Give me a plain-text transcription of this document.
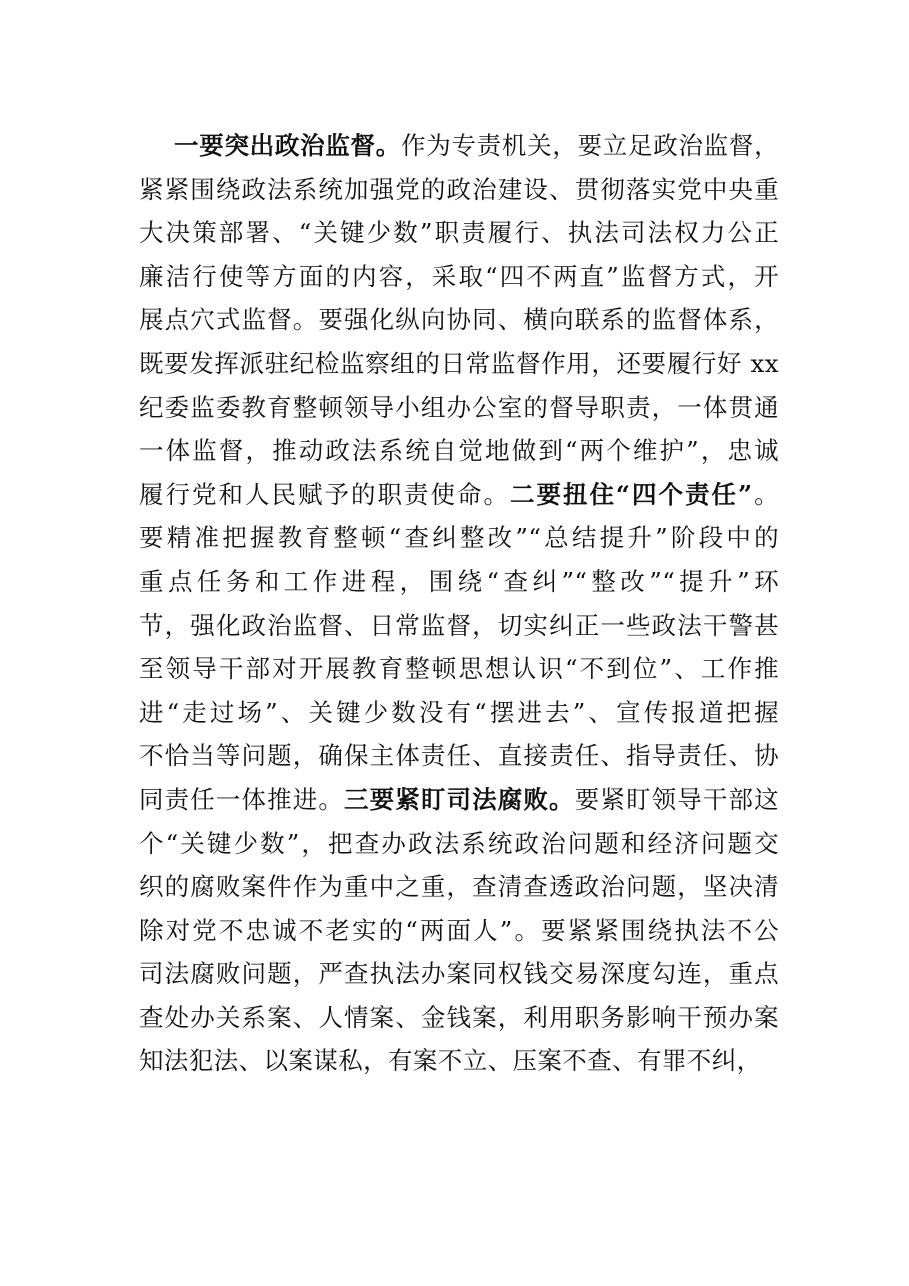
一要突出政治监督。作为专责机关，要立足政治监督，
紧紧围绕政法系统加强党的政治建设、贯彻落实党中央重
大决策部署、“关键少数”职责履行、执法司法权力公正
廉洁行使等方面的内容，采取“四不两直”监督方式，开
展点穴式监督。要强化纵向协同、横向联系的监督体系，
既要发挥派驻纪检监察组的日常监督作用，还要履行好 xx
纪委监委教育整顿领导小组办公室的督导职责，一体贯通
一体监督，推动政法系统自觉地做到“两个维护”，忠诚
履行党和人民赋予的职责使命。二要扭住“四个责任”。
要精准把握教育整顿“查纠整改”“总结提升”阶段中的
重点任务和工作进程，围绕“查纠”“整改”“提升”环
节，强化政治监督、日常监督，切实纠正一些政法干警甚
至领导干部对开展教育整顿思想认识“不到位”、工作推
进“走过场”、关键少数没有“摆进去”、宣传报道把握
不恰当等问题，确保主体责任、直接责任、指导责任、协
同责任一体推进。三要紧盯司法腐败。要紧盯领导干部这
个“关键少数”，把查办政法系统政治问题和经济问题交
织的腐败案件作为重中之重，查清查透政治问题，坚决清
除对党不忠诚不老实的“两面人”。要紧紧围绕执法不公
司法腐败问题，严查执法办案同权钱交易深度勾连，重点
查处办关系案、人情案、金钱案，利用职务影响干预办案
知法犯法、以案谋私，有案不立、压案不查、有罪不纠，
